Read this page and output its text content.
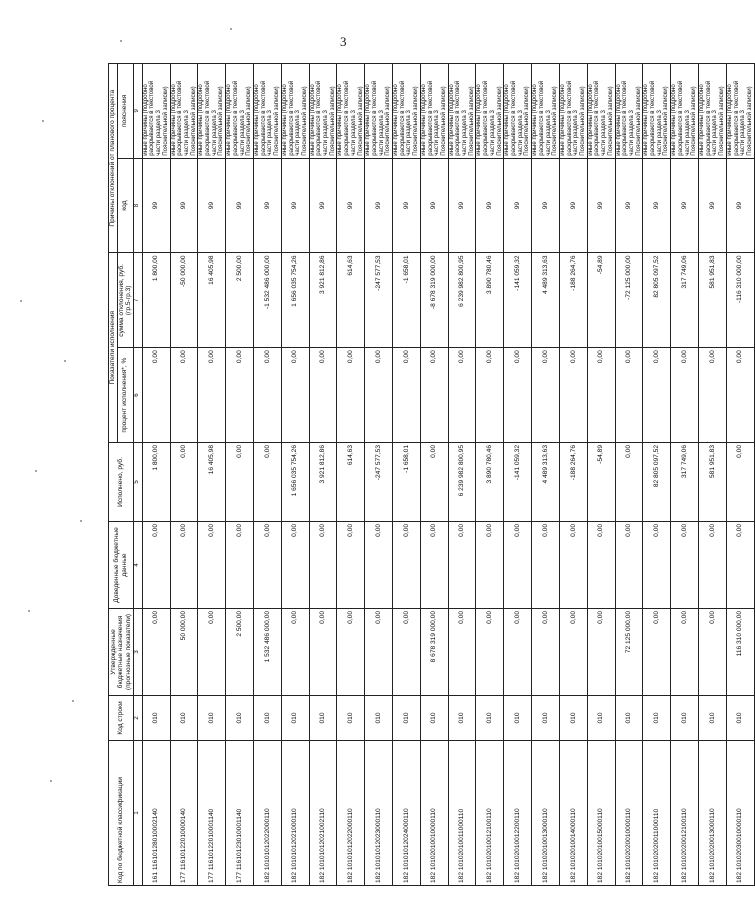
3
Код по бюджетной классификации	Код строки	Утвержденные бюджетные назначения (прогнозные показатели)	Доведенные бюджетные данные	Исполнено, руб.	Показатели исполнения		Причины отклонений от планового процента	
					процент исполнения*, %	сумма отклонения, руб. (гр.5-гр.3)	код	пояснения
1	2	3	4	5	6	7	8	9
161 11610128010002140	010	0,00	0,00	1 800,00	0,00	1 800,00	99	иные причины (подробно раскрываются в текстовой части раздела 3 Пояснительной записки)
177 11610122010000140	010	50 000,00	0,00	0,00	0,00	-50 000,00	99	иные причины (подробно раскрываются в текстовой части раздела 3 Пояснительной записки)
177 11610122010001140	010	0,00	0,00	16 405,98	0,00	16 405,98	99	иные причины (подробно раскрываются в текстовой части раздела 3 Пояснительной записки)
177 11610123010001140	010	2 500,00	0,00	0,00	0,00	2 500,00	99	иные причины (подробно раскрываются в текстовой части раздела 3 Пояснительной записки)
182 10101012022000110	010	1 532 486 000,00	0,00	0,00	0,00	-1 532 486 000,00	99	иные причины (подробно раскрываются в текстовой части раздела 3 Пояснительной записки)
182 10101012021000110	010	0,00	0,00	1 656 035 754,26	0,00	1 656 035 754,26	99	иные причины (подробно раскрываются в текстовой части раздела 3 Пояснительной записки)
182 10101012021002110	010	0,00	0,00	3 921 812,86	0,00	3 921 812,86	99	иные причины (подробно раскрываются в текстовой части раздела 3 Пояснительной записки)
182 10101012022000110	010	0,00	0,00	614,63	0,00	614,63	99	иные причины (подробно раскрываются в текстовой части раздела 3 Пояснительной записки)
182 10101012023000110	010	0,00	0,00	-247 577,53	0,00	-247 577,53	99	иные причины (подробно раскрываются в текстовой части раздела 3 Пояснительной записки)
182 10101012024000110	010	0,00	0,00	-1 658,01	0,00	-1 658,01	99	иные причины (подробно раскрываются в текстовой части раздела 3 Пояснительной записки)
182 10102010010000110	010	8 678 319 000,00	0,00	0,00	0,00	-8 678 319 000,00	99	иные причины (подробно раскрываются в текстовой части раздела 3 Пояснительной записки)
182 10102010011000110	010	0,00	0,00	6 239 982 800,95	0,00	6 239 982 800,95	99	иные причины (подробно раскрываются в текстовой части раздела 3 Пояснительной записки)
182 10102010012100110	010	0,00	0,00	3 890 780,46	0,00	3 890 780,46	99	иные причины (подробно раскрываются в текстовой части раздела 3 Пояснительной записки)
182 10102010012200110	010	0,00	0,00	-141 059,32	0,00	-141 059,32	99	иные причины (подробно раскрываются в текстовой части раздела 3 Пояснительной записки)
182 10102010013000110	010	0,00	0,00	4 489 313,63	0,00	4 489 313,63	99	иные причины (подробно раскрываются в текстовой части раздела 3 Пояснительной записки)
182 10102010014000110	010	0,00	0,00	-188 264,76	0,00	-188 264,76	99	иные причины (подробно раскрываются в текстовой части раздела 3 Пояснительной записки)
182 10102010015000110	010	0,00	0,00	-54,89	0,00	-54,89	99	иные причины (подробно раскрываются в текстовой части раздела 3 Пояснительной записки)
182 10102020010000110	010	72 125 000,00	0,00	0,00	0,00	-72 125 000,00	99	иные причины (подробно раскрываются в текстовой части раздела 3 Пояснительной записки)
182 10102020011000110	010	0,00	0,00	82 805 097,52	0,00	82 805 097,52	99	иные причины (подробно раскрываются в текстовой части раздела 3 Пояснительной записки)
182 10102020012100110	010	0,00	0,00	317 749,06	0,00	317 749,06	99	иные причины (подробно раскрываются в текстовой части раздела 3 Пояснительной записки)
182 10102020013000110	010	0,00	0,00	581 951,83	0,00	581 951,83	99	иные причины (подробно раскрываются в текстовой части раздела 3 Пояснительной записки)
182 10102030010000110	010	116 310 000,00	0,00	0,00	0,00	-116 310 000,00	99	иные причины (подробно раскрываются в текстовой части раздела 3 Пояснительной записки)
